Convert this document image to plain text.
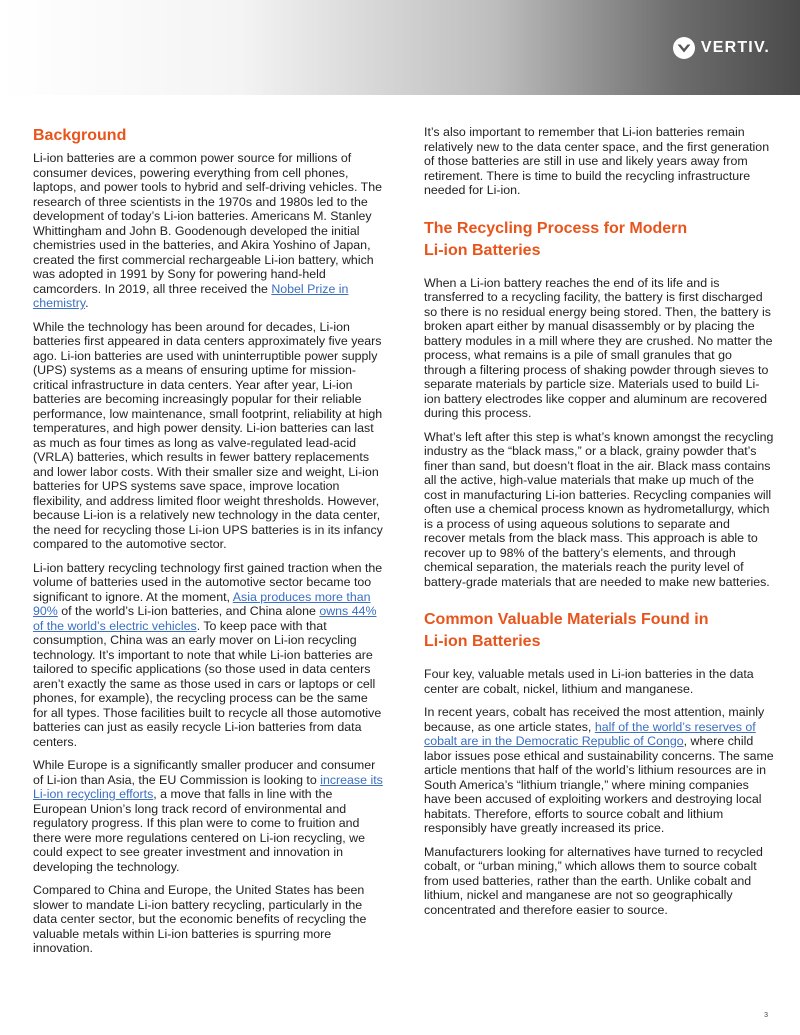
VERTIV.
Background

Li-ion batteries are a common power source for millions of consumer devices, powering everything from cell phones, laptops, and power tools to hybrid and self-driving vehicles. The research of three scientists in the 1970s and 1980s led to the development of today’s Li-ion batteries. Americans M. Stanley Whittingham and John B. Goodenough developed the initial chemistries used in the batteries, and Akira Yoshino of Japan, created the first commercial rechargeable Li-ion battery, which was adopted in 1991 by Sony for powering hand-held camcorders. In 2019, all three received the Nobel Prize in chemistry.

While the technology has been around for decades, Li-ion batteries first appeared in data centers approximately five years ago. Li-ion batteries are used with uninterruptible power supply (UPS) systems as a means of ensuring uptime for mission-critical infrastructure in data centers. Year after year, Li-ion batteries are becoming increasingly popular for their reliable performance, low maintenance, small footprint, reliability at high temperatures, and high power density. Li-ion batteries can last as much as four times as long as valve-regulated lead-acid (VRLA) batteries, which results in fewer battery replacements and lower labor costs. With their smaller size and weight, Li-ion batteries for UPS systems save space, improve location flexibility, and address limited floor weight thresholds. However, because Li-ion is a relatively new technology in the data center, the need for recycling those Li-ion UPS batteries is in its infancy compared to the automotive sector.

Li-ion battery recycling technology first gained traction when the volume of batteries used in the automotive sector became too significant to ignore. At the moment, Asia produces more than 90% of the world’s Li-ion batteries, and China alone owns 44% of the world’s electric vehicles. To keep pace with that consumption, China was an early mover on Li-ion recycling technology. It’s important to note that while Li-ion batteries are tailored to specific applications (so those used in data centers aren’t exactly the same as those used in cars or laptops or cell phones, for example), the recycling process can be the same for all types. Those facilities built to recycle all those automotive batteries can just as easily recycle Li-ion batteries from data centers.

While Europe is a significantly smaller producer and consumer of Li-ion than Asia, the EU Commission is looking to increase its Li-ion recycling efforts, a move that falls in line with the European Union’s long track record of environmental and regulatory progress. If this plan were to come to fruition and there were more regulations centered on Li-ion recycling, we could expect to see greater investment and innovation in developing the technology.

Compared to China and Europe, the United States has been slower to mandate Li-ion battery recycling, particularly in the data center sector, but the economic benefits of recycling the valuable metals within Li-ion batteries is spurring more innovation.

It’s also important to remember that Li-ion batteries remain relatively new to the data center space, and the first generation of those batteries are still in use and likely years away from retirement. There is time to build the recycling infrastructure needed for Li-ion.

The Recycling Process for Modern
Li-ion Batteries

When a Li-ion battery reaches the end of its life and is transferred to a recycling facility, the battery is first discharged so there is no residual energy being stored. Then, the battery is broken apart either by manual disassembly or by placing the battery modules in a mill where they are crushed. No matter the process, what remains is a pile of small granules that go through a filtering process of shaking powder through sieves to separate materials by particle size. Materials used to build Li-ion battery electrodes like copper and aluminum are recovered during this process.

What’s left after this step is what’s known amongst the recycling industry as the “black mass,” or a black, grainy powder that’s finer than sand, but doesn’t float in the air. Black mass contains all the active, high-value materials that make up much of the cost in manufacturing Li-ion batteries. Recycling companies will often use a chemical process known as hydrometallurgy, which is a process of using aqueous solutions to separate and recover metals from the black mass. This approach is able to recover up to 98% of the battery’s elements, and through chemical separation, the materials reach the purity level of battery-grade materials that are needed to make new batteries.

Common Valuable Materials Found in
Li-ion Batteries

Four key, valuable metals used in Li-ion batteries in the data center are cobalt, nickel, lithium and manganese.

In recent years, cobalt has received the most attention, mainly because, as one article states, half of the world’s reserves of cobalt are in the Democratic Republic of Congo, where child labor issues pose ethical and sustainability concerns. The same article mentions that half of the world’s lithium resources are in South America’s “lithium triangle,” where mining companies have been accused of exploiting workers and destroying local habitats. Therefore, efforts to source cobalt and lithium responsibly have greatly increased its price.

Manufacturers looking for alternatives have turned to recycled cobalt, or “urban mining,” which allows them to source cobalt from used batteries, rather than the earth. Unlike cobalt and lithium, nickel and manganese are not so geographically concentrated and therefore easier to source.

3
